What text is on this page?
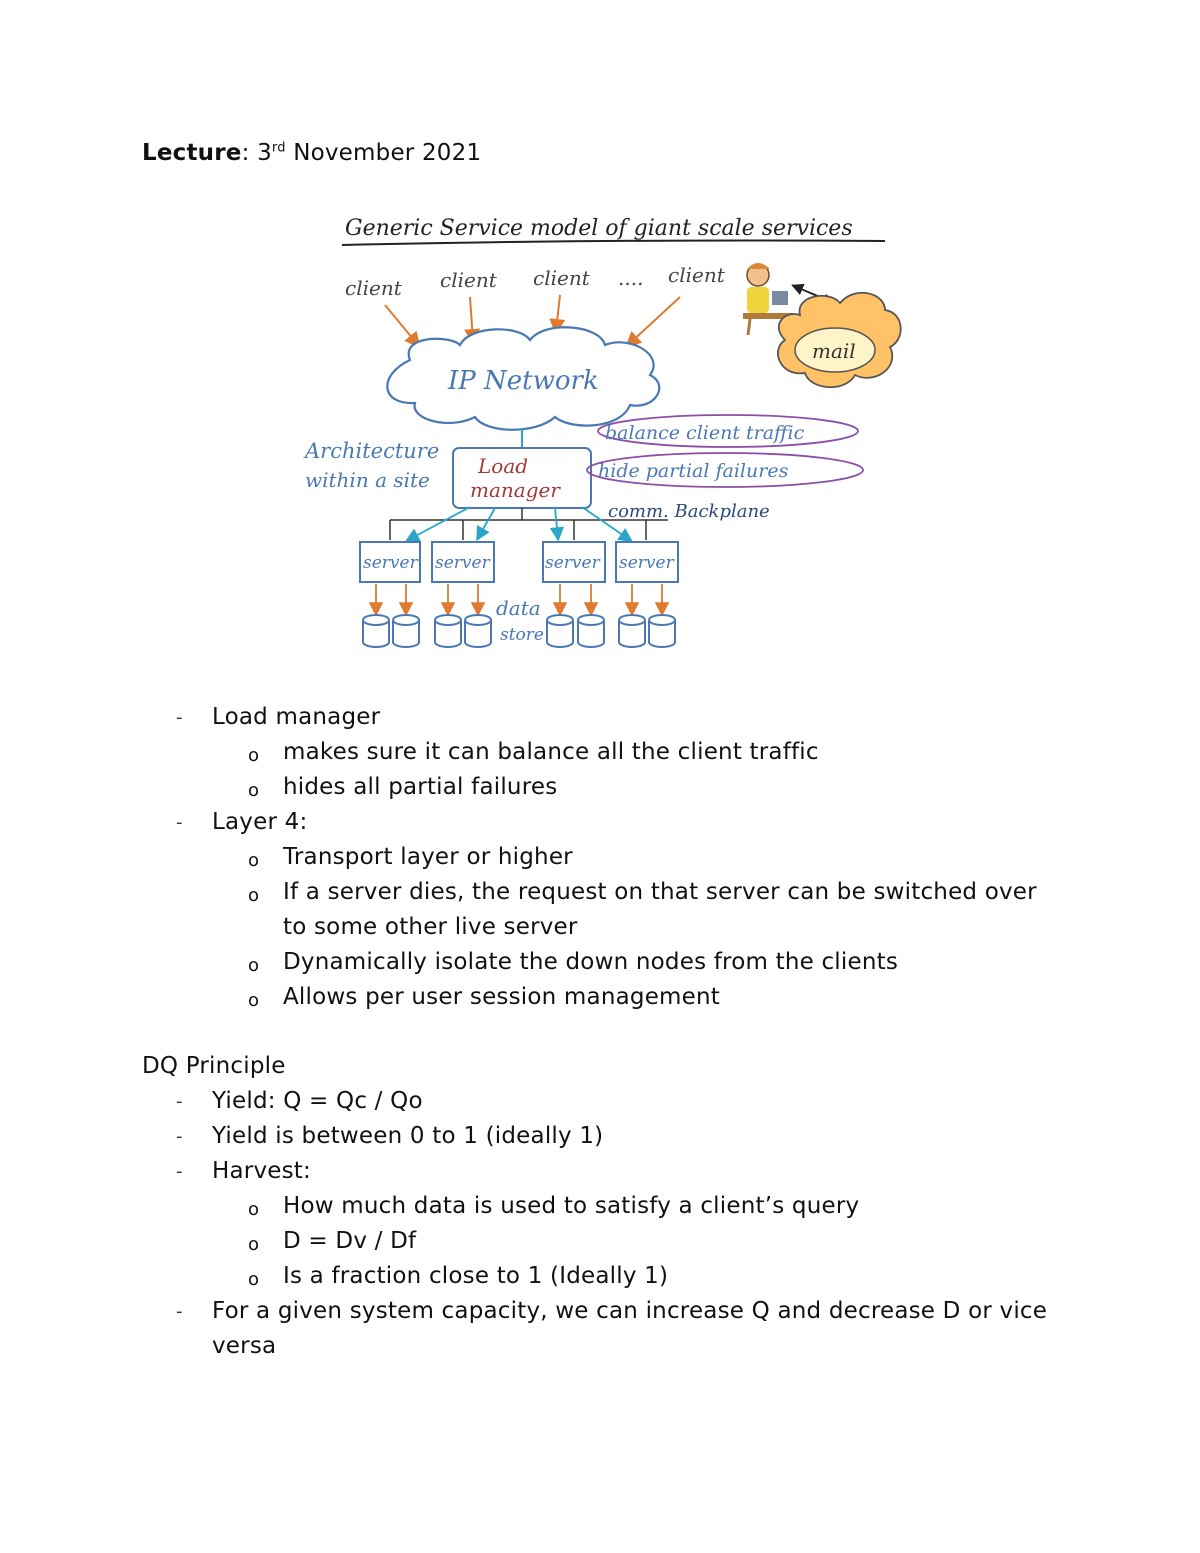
Lecture: 3rd November 2021
Generic Service model of giant scale services
client client client .... client
IP Network
mail
Architecture
within a site
Load
manager
balance client traffic
hide partial failures
comm. Backplane
server server	server server
data
store
- Load manager
o makes sure it can balance all the client traffic
o hides all partial failures
- Layer 4:
o Transport layer or higher
o If a server dies, the request on that server can be switched over to some other live server
o Dynamically isolate the down nodes from the clients
o Allows per user session management
DQ Principle
- Yield: Q = Qc / Qo
- Yield is between 0 to 1 (ideally 1)
- Harvest:
o How much data is used to satisfy a client’s query
o D = Dv / Df
o Is a fraction close to 1 (Ideally 1)
- For a given system capacity, we can increase Q and decrease D or vice versa
